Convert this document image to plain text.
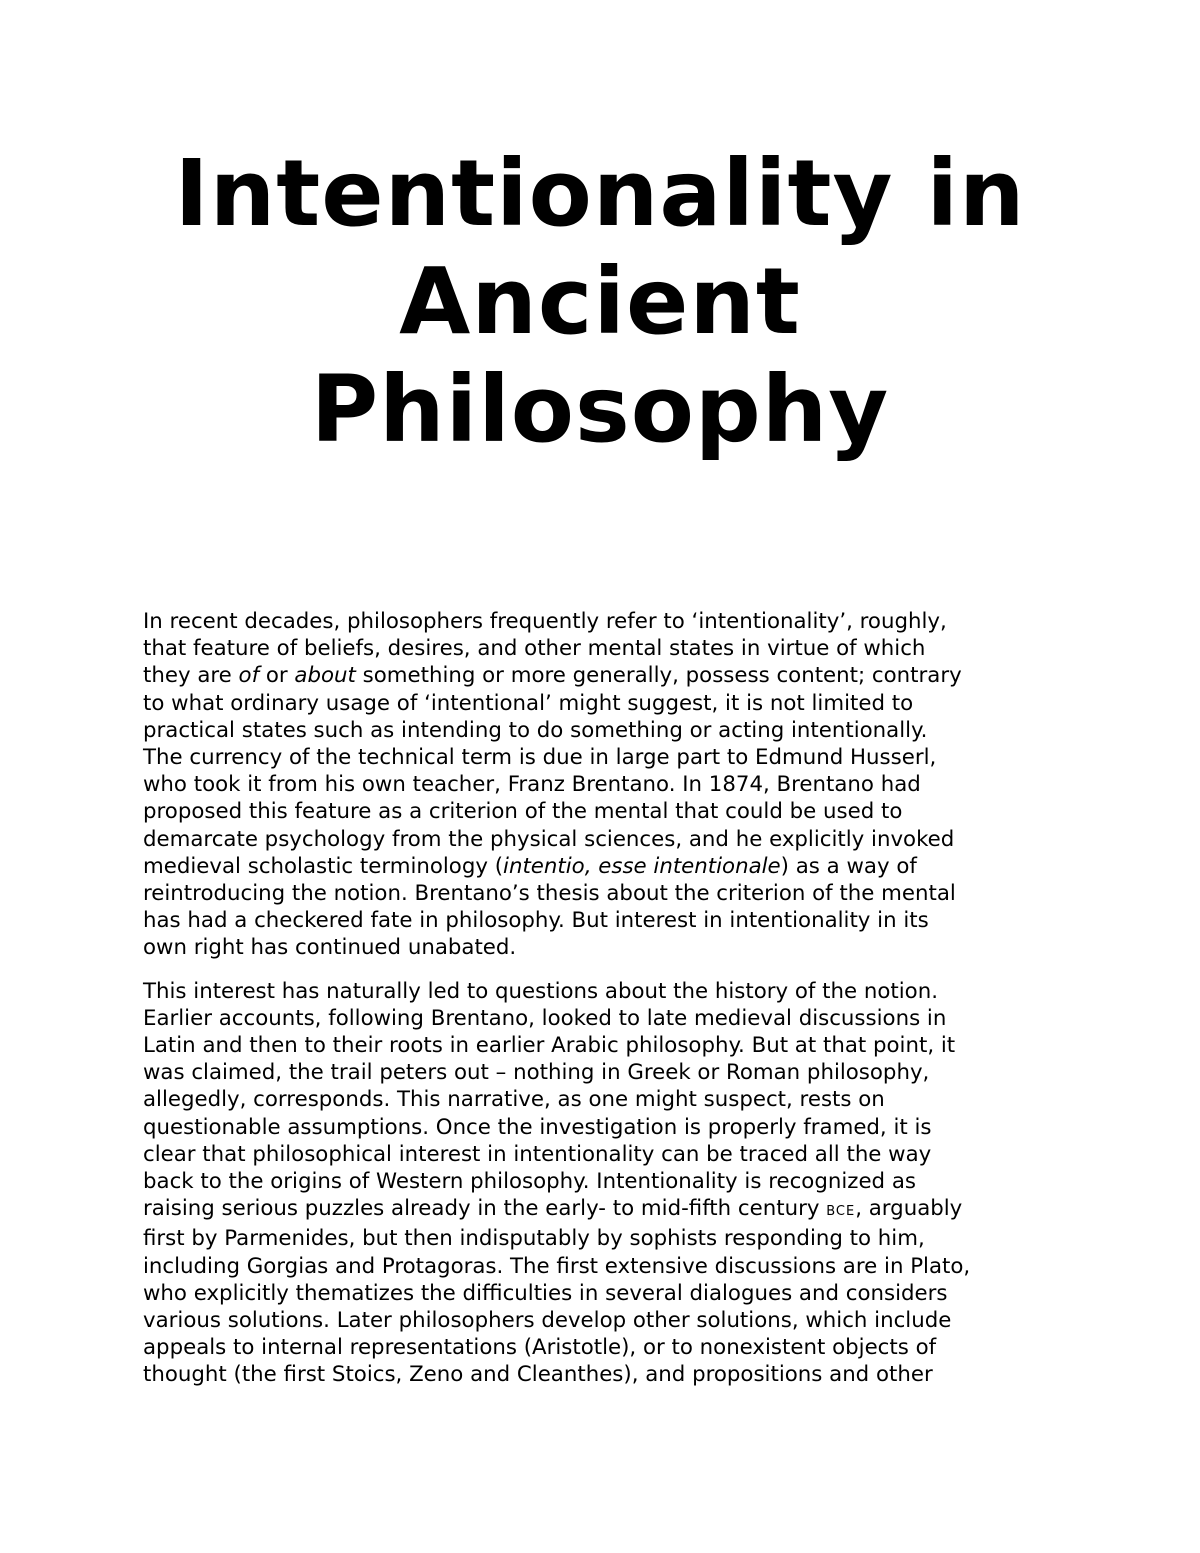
Intentionality in
Ancient
Philosophy

In recent decades, philosophers frequently refer to ‘intentionality’, roughly,
that feature of beliefs, desires, and other mental states in virtue of which
they are of or about something or more generally, possess content; contrary
to what ordinary usage of ‘intentional’ might suggest, it is not limited to
practical states such as intending to do something or acting intentionally.
The currency of the technical term is due in large part to Edmund Husserl,
who took it from his own teacher, Franz Brentano. In 1874, Brentano had
proposed this feature as a criterion of the mental that could be used to
demarcate psychology from the physical sciences, and he explicitly invoked
medieval scholastic terminology (intentio, esse intentionale) as a way of
reintroducing the notion. Brentano’s thesis about the criterion of the mental
has had a checkered fate in philosophy. But interest in intentionality in its
own right has continued unabated.

This interest has naturally led to questions about the history of the notion.
Earlier accounts, following Brentano, looked to late medieval discussions in
Latin and then to their roots in earlier Arabic philosophy. But at that point, it
was claimed, the trail peters out – nothing in Greek or Roman philosophy,
allegedly, corresponds. This narrative, as one might suspect, rests on
questionable assumptions. Once the investigation is properly framed, it is
clear that philosophical interest in intentionality can be traced all the way
back to the origins of Western philosophy. Intentionality is recognized as
raising serious puzzles already in the early- to mid-fifth century BCE, arguably
first by Parmenides, but then indisputably by sophists responding to him,
including Gorgias and Protagoras. The first extensive discussions are in Plato,
who explicitly thematizes the difficulties in several dialogues and considers
various solutions. Later philosophers develop other solutions, which include
appeals to internal representations (Aristotle), or to nonexistent objects of
thought (the first Stoics, Zeno and Cleanthes), and propositions and other
